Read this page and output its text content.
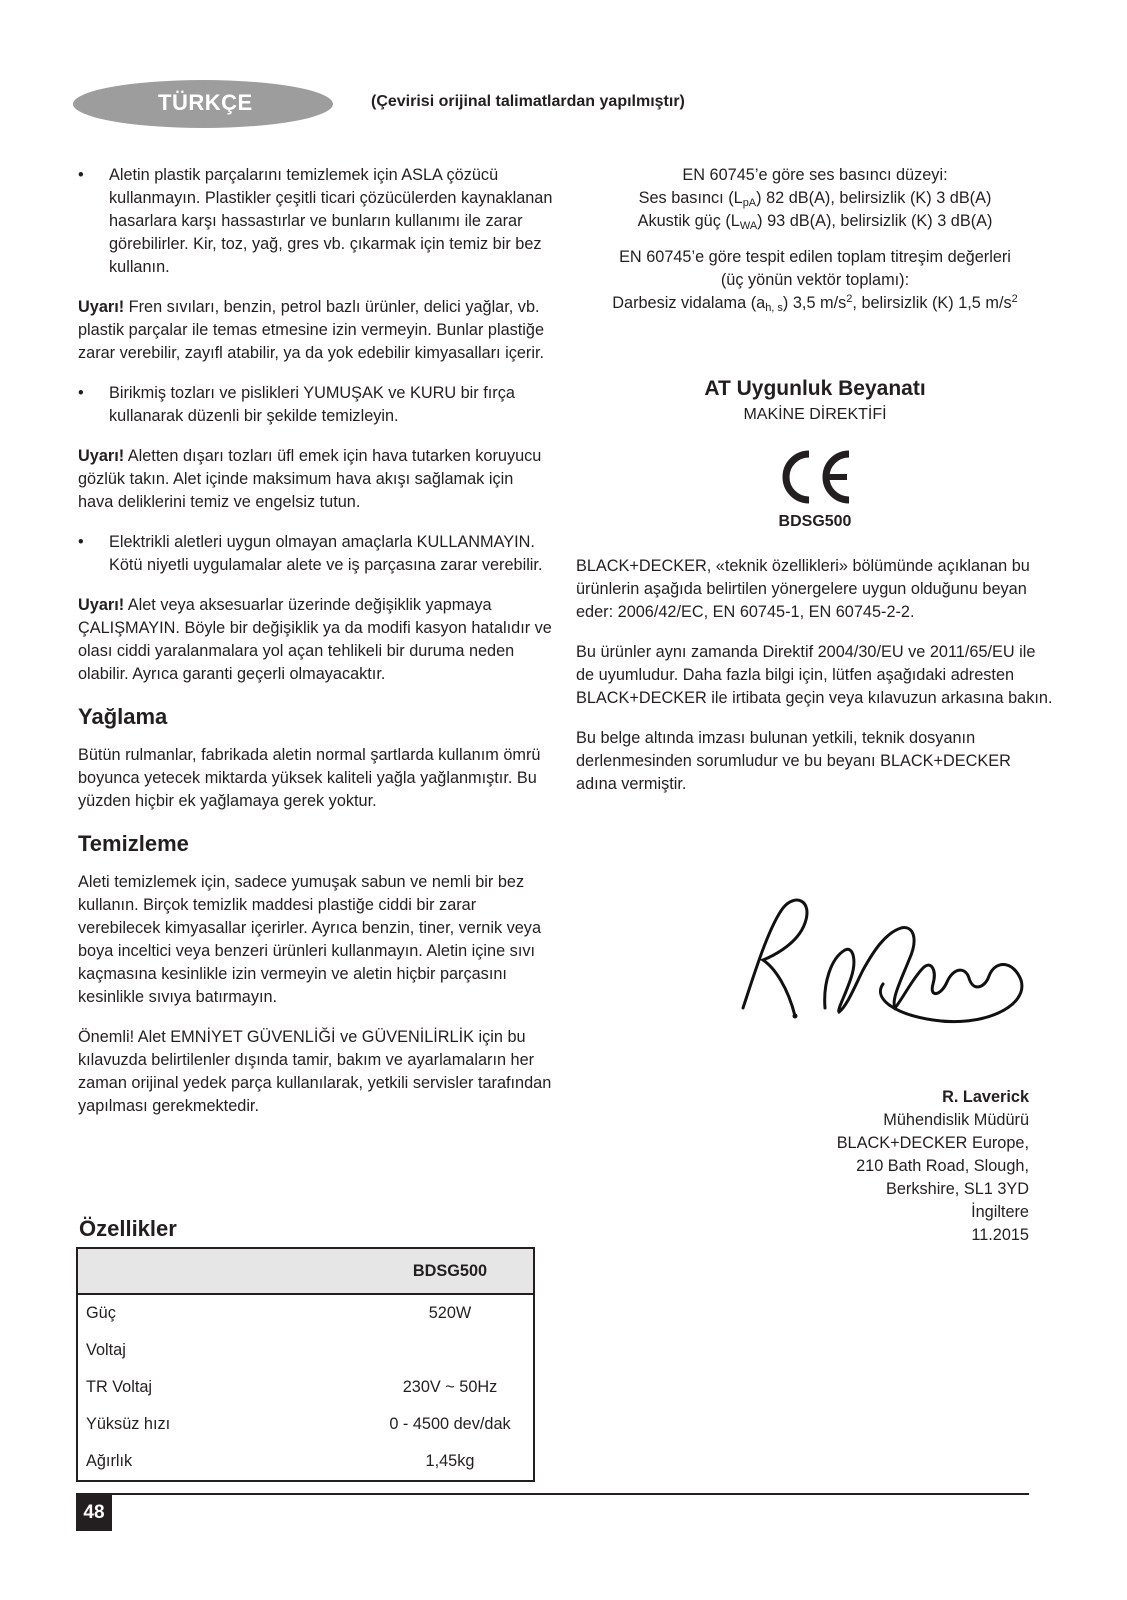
TÜRKÇE	(Çevirisi orijinal talimatlardan yapılmıştır)
• Aletin plastik parçalarını temizlemek için ASLA çözücü kullanmayın. Plastikler çeşitli ticari çözücülerden kaynaklanan hasarlara karşı hassastırlar ve bunların kullanımı ile zarar görebilirler. Kir, toz, yağ, gres vb. çıkarmak için temiz bir bez kullanın.
Uyarı! Fren sıvıları, benzin, petrol bazlı ürünler, delici yağlar, vb. plastik parçalar ile temas etmesine izin vermeyin. Bunlar plastiğe zarar verebilir, zayıfl atabilir, ya da yok edebilir kimyasalları içerir.
• Birikmiş tozları ve pislikleri YUMUŞAK ve KURU bir fırça kullanarak düzenli bir şekilde temizleyin.
Uyarı! Aletten dışarı tozları üfl emek için hava tutarken koruyucu gözlük takın. Alet içinde maksimum hava akışı sağlamak için hava deliklerini temiz ve engelsiz tutun.
• Elektrikli aletleri uygun olmayan amaçlarla KULLANMAYIN. Kötü niyetli uygulamalar alete ve iş parçasına zarar verebilir.
Uyarı! Alet veya aksesuarlar üzerinde değişiklik yapmaya ÇALIŞMAYIN. Böyle bir değişiklik ya da modifi kasyon hatalıdır ve olası ciddi yaralanmalara yol açan tehlikeli bir duruma neden olabilir. Ayrıca garanti geçerli olmayacaktır.
Yağlama

Bütün rulmanlar, fabrikada aletin normal şartlarda kullanım ömrü boyunca yetecek miktarda yüksek kaliteli yağla yağlanmıştır. Bu yüzden hiçbir ek yağlamaya gerek yoktur.

Temizleme

Aleti temizlemek için, sadece yumuşak sabun ve nemli bir bez kullanın. Birçok temizlik maddesi plastiğe ciddi bir zarar verebilecek kimyasallar içerirler. Ayrıca benzin, tiner, vernik veya boya inceltici veya benzeri ürünleri kullanmayın. Aletin içine sıvı kaçmasına kesinlikle izin vermeyin ve aletin hiçbir parçasını kesinlikle sıvıya batırmayın.

Önemli! Alet EMNİYET GÜVENLİĞİ ve GÜVENİLİRLİK için bu kılavuzda belirtilenler dışında tamir, bakım ve ayarlamaların her zaman orijinal yedek parça kullanılarak, yetkili servisler tarafından yapılması gerekmektedir.

EN 60745’e göre ses basıncı düzeyi:
Ses basıncı $(L_{pA})$ 82 dB(A), belirsizlik (K) 3 dB(A)
Akustik güç $(L_{WA})$ 93 dB(A), belirsizlik (K) 3 dB(A)

EN 60745’e göre tespit edilen toplam titreşim değerleri
(üç yönün vektör toplamı):
Darbesiz vidalama $(a_{h, s})$ 3,5 $m/s^2$, belirsizlik (K) 1,5 $m/s^2$

AT Uygunluk Beyanatı
MAKİNE DİREKTİFİ
BDSG500

BLACK+DECKER, «teknik özellikleri» bölümünde açıklanan bu ürünlerin aşağıda belirtilen yönergelere uygun olduğunu beyan eder: 2006/42/EC, EN 60745-1, EN 60745-2-2.

Bu ürünler aynı zamanda Direktif 2004/30/EU ve 2011/65/EU ile de uyumludur. Daha fazla bilgi için, lütfen aşağıdaki adresten BLACK+DECKER ile irtibata geçin veya kılavuzun arkasına bakın.

Bu belge altında imzası bulunan yetkili, teknik dosyanın derlenmesinden sorumludur ve bu beyanı BLACK+DECKER adına vermiştir.

R. Laverick
Mühendislik Müdürü
BLACK+DECKER Europe,
210 Bath Road, Slough,
Berkshire, SL1 3YD
İngiltere
11.2015
Özellikler
	BDSG500
Güç	520W
Voltaj	
TR Voltaj	230V ~ 50Hz
Yüksüz hızı	0 - 4500 dev/dak
Ağırlık	1,45kg
48
